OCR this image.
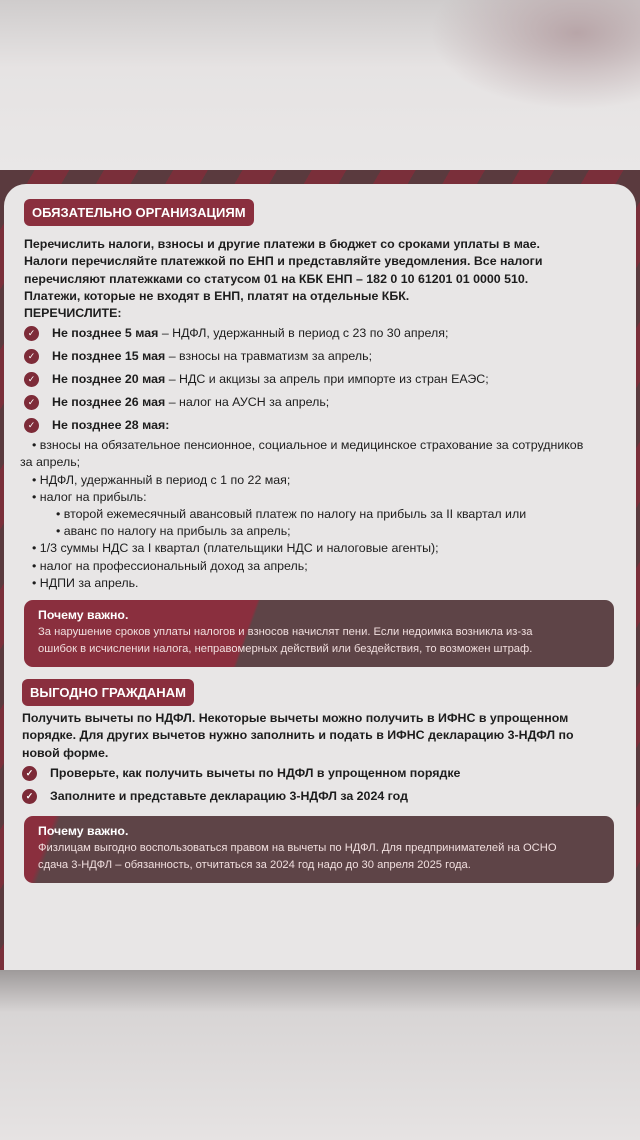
ОБЯЗАТЕЛЬНО ОРГАНИЗАЦИЯМ
Перечислить налоги, взносы и другие платежи в бюджет со сроками уплаты в мае.
Налоги перечисляйте платежкой по ЕНП и представляйте уведомления. Все налоги
перечисляют платежками со статусом 01 на КБК ЕНП – 182 0 10 61201 01 0000 510.
Платежи, которые не входят в ЕНП, платят на отдельные КБК.
ПЕРЕЧИСЛИТЕ:
✓	Не позднее 5 мая – НДФЛ, удержанный в период с 23 по 30 апреля;
✓	Не позднее 15 мая – взносы на травматизм за апрель;
✓	Не позднее 20 мая – НДС и акцизы за апрель при импорте из стран ЕАЭС;
✓	Не позднее 26 мая – налог на АУСН за апрель;
✓	Не позднее 28 мая:
• взносы на обязательное пенсионное, социальное и медицинское страхование за сотрудников
за апрель;
• НДФЛ, удержанный в период с 1 по 22 мая;
• налог на прибыль:
• второй ежемесячный авансовый платеж по налогу на прибыль за II квартал или
• аванс по налогу на прибыль за апрель;
• 1/3 суммы НДС за I квартал (плательщики НДС и налоговые агенты);
• налог на профессиональный доход за апрель;
• НДПИ за апрель.
Почему важно.
За нарушение сроков уплаты налогов и взносов начислят пени. Если недоимка возникла из-за
ошибок в исчислении налога, неправомерных действий или бездействия, то возможен штраф.
ВЫГОДНО ГРАЖДАНАМ
Получить вычеты по НДФЛ. Некоторые вычеты можно получить в ИФНС в упрощенном
порядке. Для других вычетов нужно заполнить и подать в ИФНС декларацию 3-НДФЛ по
новой форме.
✓	Проверьте, как получить вычеты по НДФЛ в упрощенном порядке
✓	Заполните и представьте декларацию 3-НДФЛ за 2024 год
Почему важно.
Физлицам выгодно воспользоваться правом на вычеты по НДФЛ. Для предпринимателей на ОСНО
сдача 3-НДФЛ – обязанность, отчитаться за 2024 год надо до 30 апреля 2025 года.
